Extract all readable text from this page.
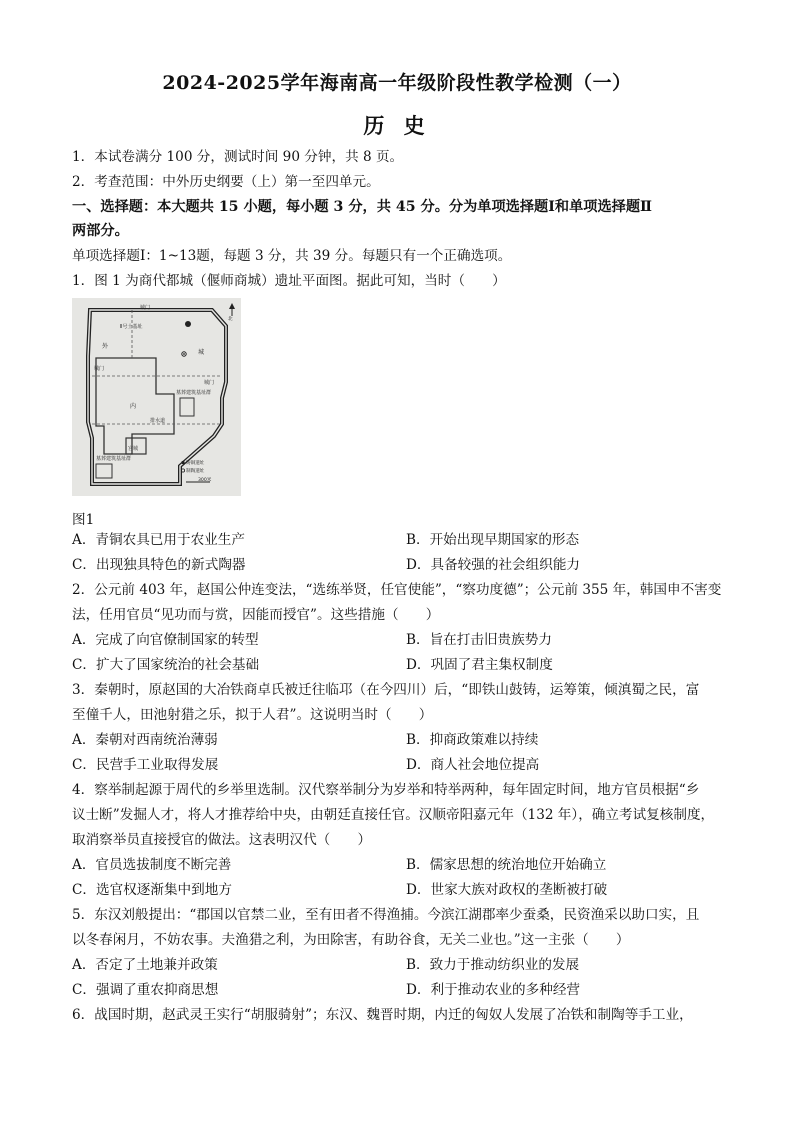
2024-2025学年海南高一年级阶段性教学检测（一）
历 史
1．本试卷满分 100 分，测试时间 90 分钟，共 8 页。
2．考查范围：中外历史纲要（上）第一至四单元。
一、选择题：本大题共 15 小题，每小题 3 分，共 45 分。分为单项选择题Ⅰ和单项选择题Ⅱ
两部分。
单项选择题Ⅰ：1~13题，每题 3 分，共 39 分。每题只有一个正确选项。
1．图 1 为商代都城（偃师商城）遗址平面图。据此可知，当时（　　）
城门
Ⅱ号土基址
外
城
城门
城门
内
墓葬建筑基址群
排水道
宫城
墓葬建筑基址群
铸铜遗址
制陶遗址
300米
北
图1
A．青铜农具已用于农业生产	B．开始出现早期国家的形态
C．出现独具特色的新式陶器	D．具备较强的社会组织能力
2．公元前 403 年，赵国公仲连变法，“选练举贤，任官使能”，“察功度德”；公元前 355 年，韩国申不害变
法，任用官员“见功而与赏，因能而授官”。这些措施（　　）
A．完成了向官僚制国家的转型	B．旨在打击旧贵族势力
C．扩大了国家统治的社会基础	D．巩固了君主集权制度
3．秦朝时，原赵国的大冶铁商卓氏被迁往临邛（在今四川）后，“即铁山鼓铸，运筹策，倾滇蜀之民，富
至僮千人，田池射猎之乐，拟于人君”。这说明当时（　　）
A．秦朝对西南统治薄弱	B．抑商政策难以持续
C．民营手工业取得发展	D．商人社会地位提高
4．察举制起源于周代的乡举里选制。汉代察举制分为岁举和特举两种，每年固定时间，地方官员根据“乡
议士断”发掘人才，将人才推荐给中央，由朝廷直接任官。汉顺帝阳嘉元年（132 年），确立考试复核制度，
取消察举员直接授官的做法。这表明汉代（　　）
A．官员选拔制度不断完善	B．儒家思想的统治地位开始确立
C．选官权逐渐集中到地方	D．世家大族对政权的垄断被打破
5．东汉刘般提出：“郡国以官禁二业，至有田者不得渔捕。今滨江湖郡率少蚕桑，民资渔采以助口实，且
以冬春闲月，不妨农事。夫渔猎之利，为田除害，有助谷食，无关二业也。”这一主张（　　）
A．否定了土地兼并政策	B．致力于推动纺织业的发展
C．强调了重农抑商思想	D．利于推动农业的多种经营
6．战国时期，赵武灵王实行“胡服骑射”；东汉、魏晋时期，内迁的匈奴人发展了冶铁和制陶等手工业，
